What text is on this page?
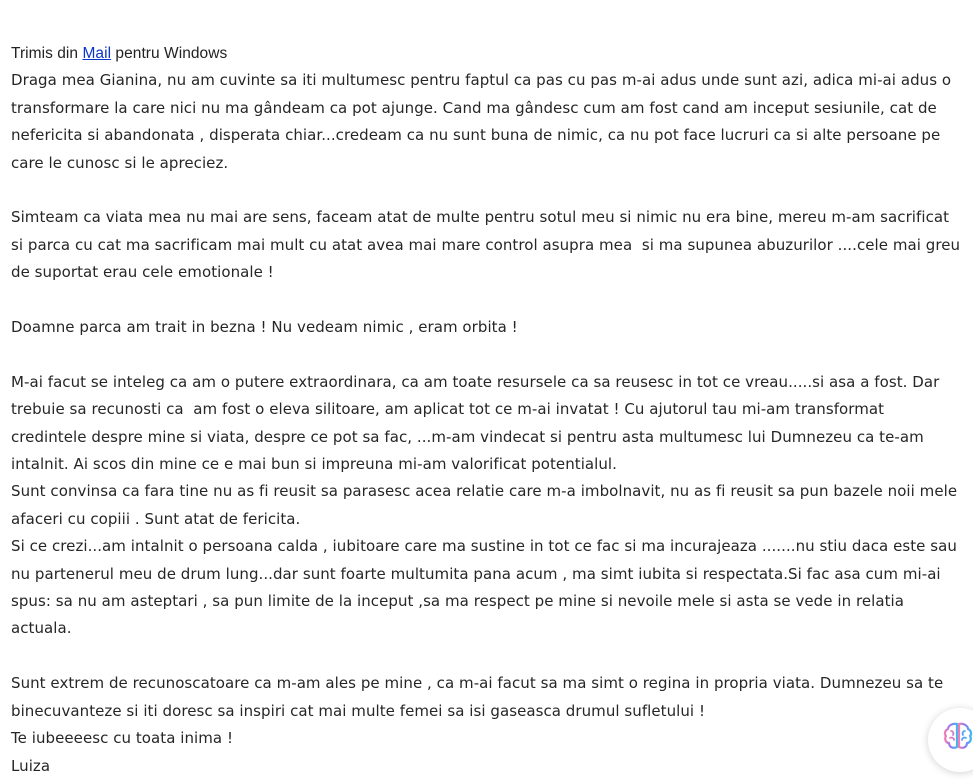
Trimis din Mail pentru Windows

Draga mea Gianina, nu am cuvinte sa iti multumesc pentru faptul ca pas cu pas m-ai adus unde sunt azi, adica mi-ai adus o transformare la care nici nu ma gândeam ca pot ajunge. Cand ma gândesc cum am fost cand am inceput sesiunile, cat de nefericita si abandonata , disperata chiar...credeam ca nu sunt buna de nimic, ca nu pot face lucruri ca si alte persoane pe care le cunosc si le apreciez.

Simteam ca viata mea nu mai are sens, faceam atat de multe pentru sotul meu si nimic nu era bine, mereu m-am sacrificat si parca cu cat ma sacrificam mai mult cu atat avea mai mare control asupra mea  si ma supunea abuzurilor ....cele mai greu de suportat erau cele emotionale !

Doamne parca am trait in bezna ! Nu vedeam nimic , eram orbita !

M-ai facut se inteleg ca am o putere extraordinara, ca am toate resursele ca sa reusesc in tot ce vreau.....si asa a fost. Dar trebuie sa recunosti ca  am fost o eleva silitoare, am aplicat tot ce m-ai invatat ! Cu ajutorul tau mi-am transformat credintele despre mine si viata, despre ce pot sa fac, ...m-am vindecat si pentru asta multumesc lui Dumnezeu ca te-am intalnit. Ai scos din mine ce e mai bun si impreuna mi-am valorificat potentialul.

Sunt convinsa ca fara tine nu as fi reusit sa parasesc acea relatie care m-a imbolnavit, nu as fi reusit sa pun bazele noii mele afaceri cu copiii . Sunt atat de fericita.

Si ce crezi...am intalnit o persoana calda , iubitoare care ma sustine in tot ce fac si ma incurajeaza .......nu stiu daca este sau nu partenerul meu de drum lung...dar sunt foarte multumita pana acum , ma simt iubita si respectata.Si fac asa cum mi-ai spus: sa nu am asteptari , sa pun limite de la inceput ,sa ma respect pe mine si nevoile mele si asta se vede in relatia actuala.

Sunt extrem de recunoscatoare ca m-am ales pe mine , ca m-ai facut sa ma simt o regina in propria viata. Dumnezeu sa te binecuvanteze si iti doresc sa inspiri cat mai multe femei sa isi gaseasca drumul sufletului !

Te iubeeeesc cu toata inima !

Luiza
